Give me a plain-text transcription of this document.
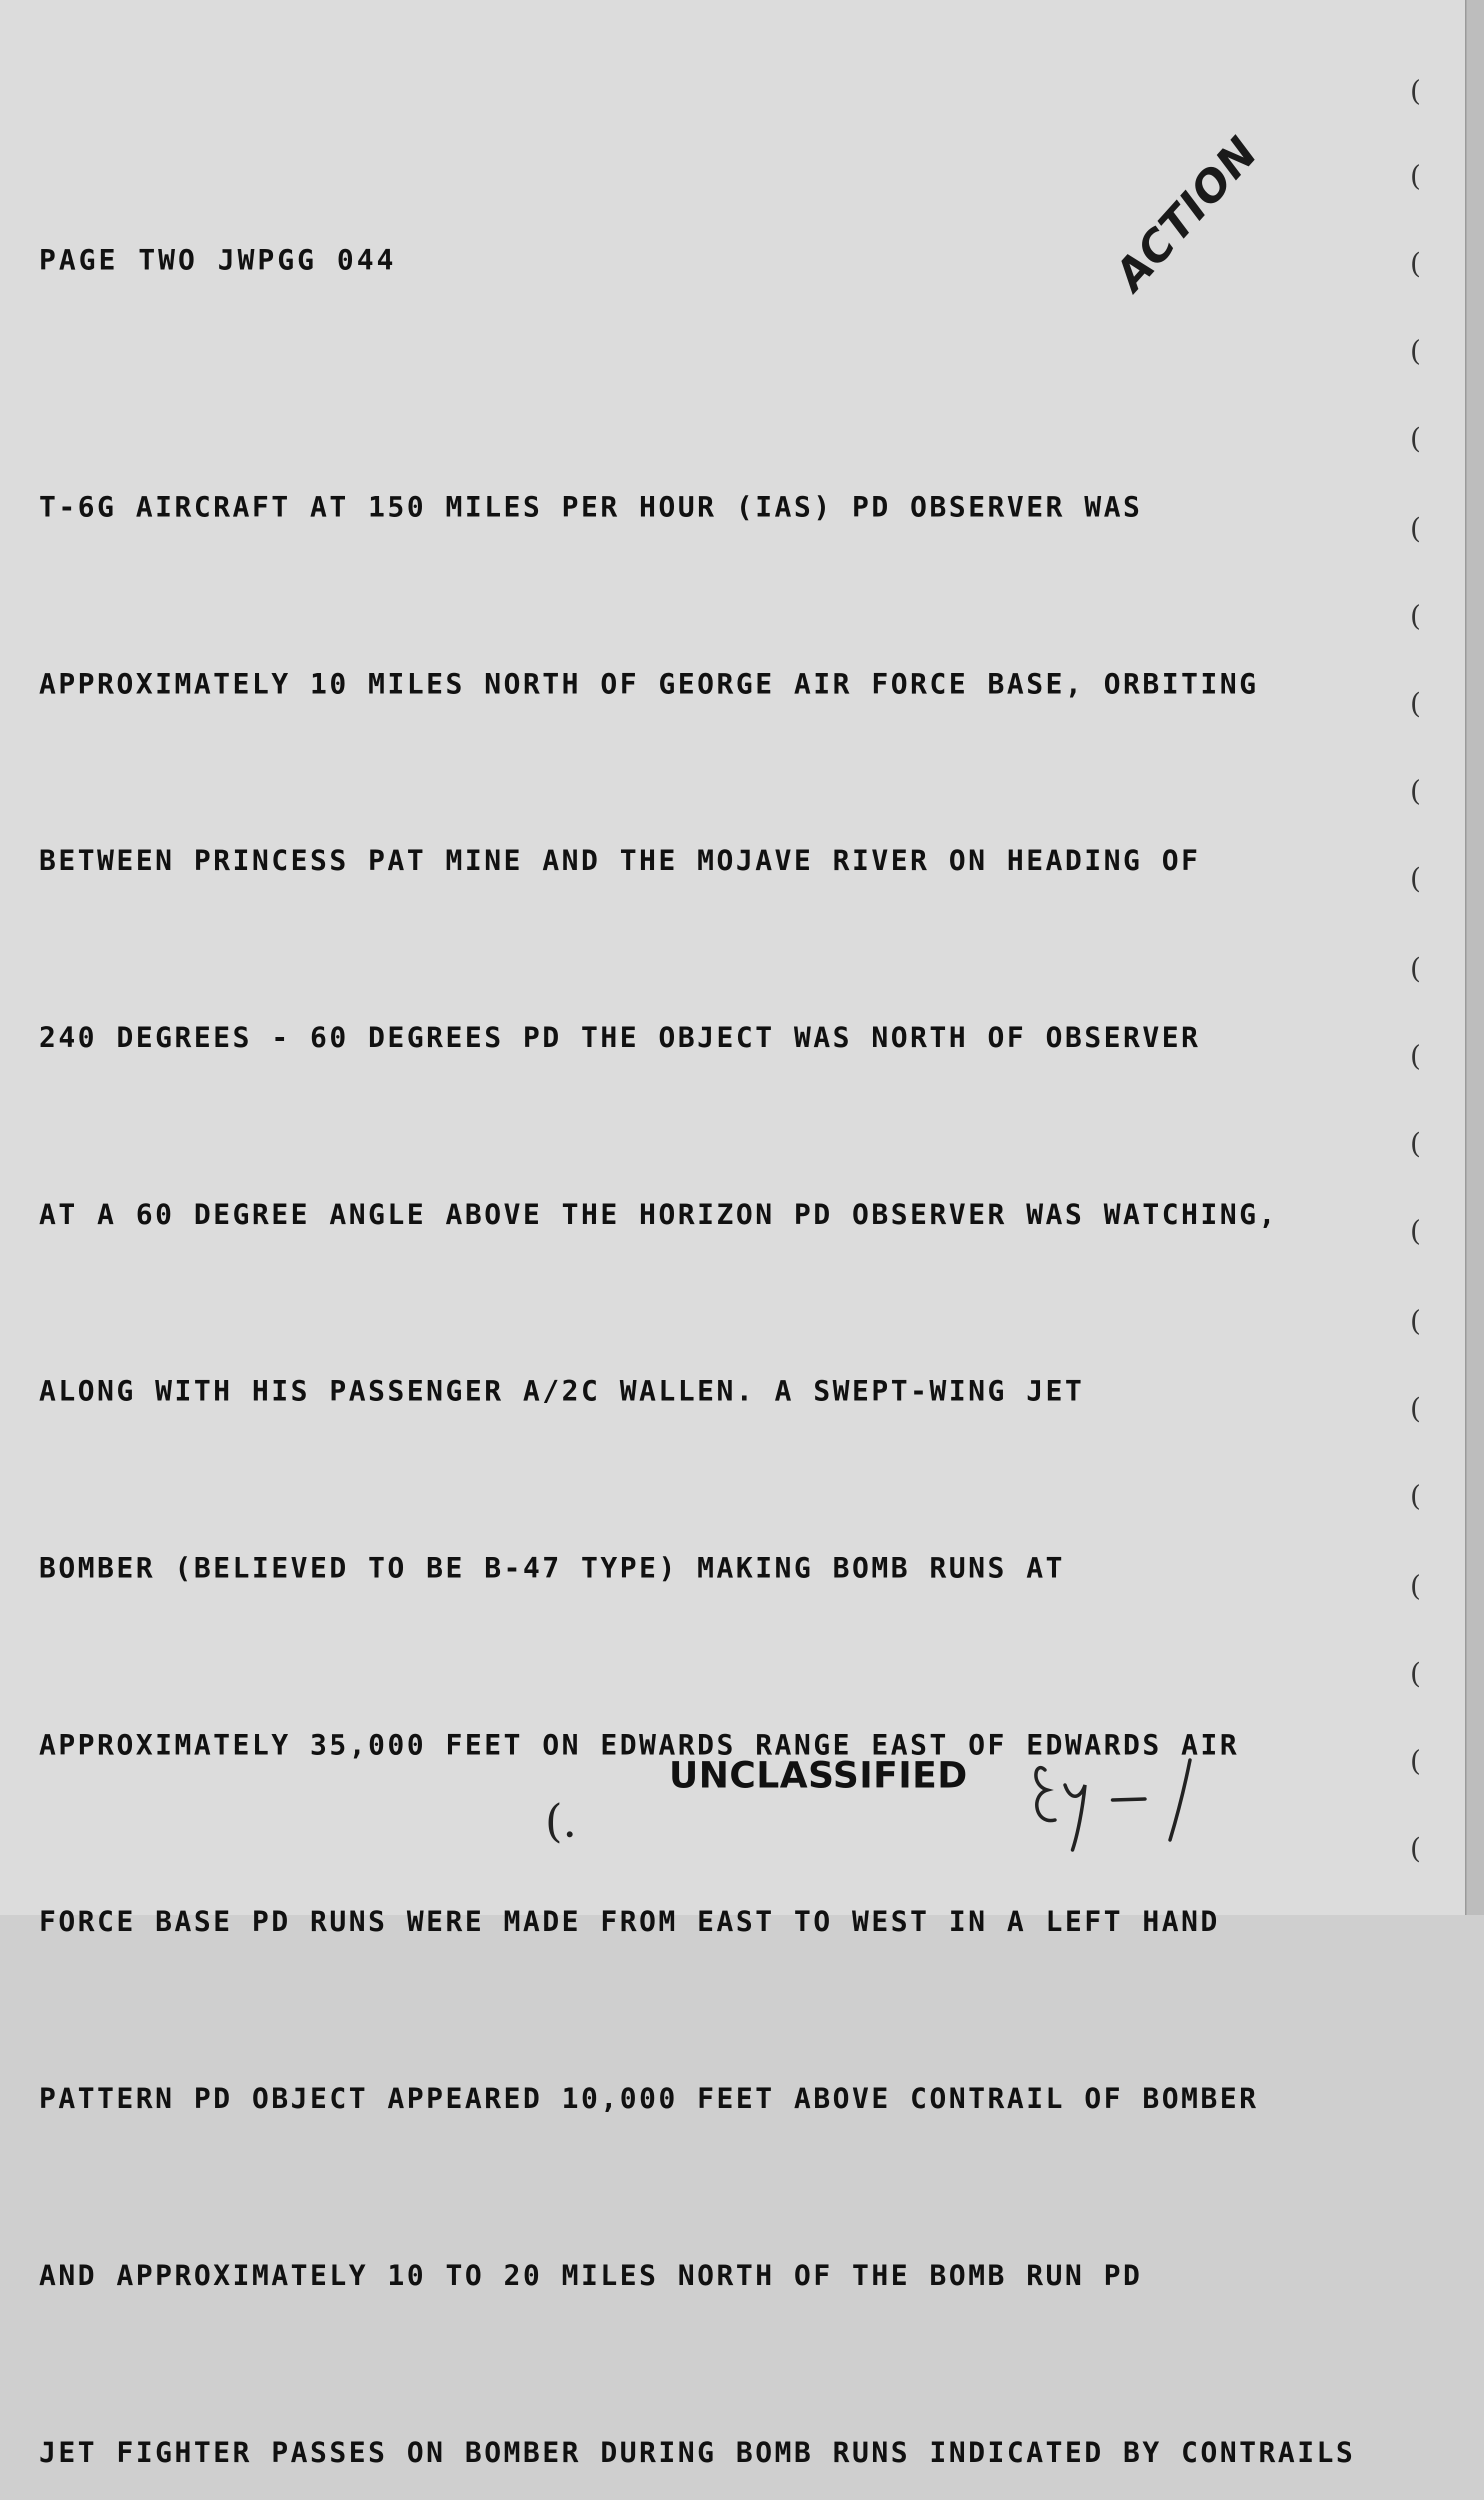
PAGE TWO JWPGG 044	ACTION

T-6G AIRCRAFT AT 150 MILES PER HOUR (IAS) PD OBSERVER WAS

APPROXIMATELY 10 MILES NORTH OF GEORGE AIR FORCE BASE, ORBITING

BETWEEN PRINCESS PAT MINE AND THE MOJAVE RIVER ON HEADING OF

240 DEGREES - 60 DEGREES PD THE OBJECT WAS NORTH OF OBSERVER

AT A 60 DEGREE ANGLE ABOVE THE HORIZON PD OBSERVER WAS WATCHING,

ALONG WITH HIS PASSENGER A/2C WALLEN. A SWEPT-WING JET

BOMBER (BELIEVED TO BE B-47 TYPE) MAKING BOMB RUNS AT

APPROXIMATELY 35,000 FEET ON EDWARDS RANGE EAST OF EDWARDS AIR

FORCE BASE PD RUNS WERE MADE FROM EAST TO WEST IN A LEFT HAND

PATTERN PD OBJECT APPEARED 10,000 FEET ABOVE CONTRAIL OF BOMBER

AND APPROXIMATELY 10 TO 20 MILES NORTH OF THE BOMB RUN PD

JET FIGHTER PASSES ON BOMBER DURING BOMB RUNS INDICATED BY CONTRAILS

UNCLASSIFIED
(.
(
(
(
(
(
(
(
(
(
(
(
(
(
(
(
(
(
(
(
(
(
